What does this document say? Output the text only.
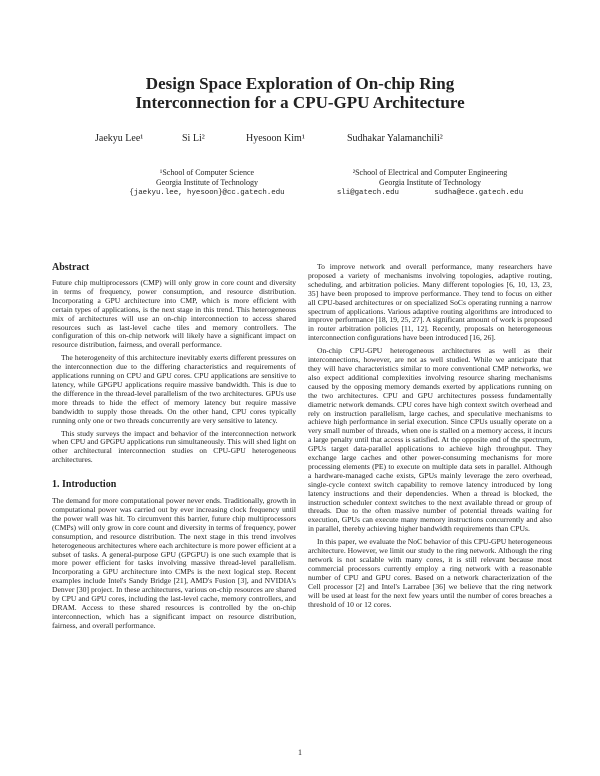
Design Space Exploration of On-chip Ring
Interconnection for a CPU-GPU Architecture
Jaekyu Lee¹	Si Li²	Hyesoon Kim¹	Sudhakar Yalamanchili²
¹School of Computer Science
Georgia Institute of Technology
{jaekyu.lee, hyesoon}@cc.gatech.edu
²School of Electrical and Computer Engineering
Georgia Institute of Technology
sli@gatech.edu        sudha@ece.gatech.edu
Abstract

Future chip multiprocessors (CMP) will only grow in core count and diversity in terms of frequency, power consumption, and resource distribution. Incorporating a GPU architecture into CMP, which is more efficient with certain types of applications, is the next stage in this trend. This heterogeneous mix of architectures will use an on-chip interconnection to access shared resources such as last-level cache tiles and memory controllers. The configuration of this on-chip network will likely have a significant impact on resource distribution, fairness, and overall performance.

The heterogeneity of this architecture inevitably exerts different pressures on the interconnection due to the differing characteristics and requirements of applications running on CPU and GPU cores. CPU applications are sensitive to latency, while GPGPU applications require massive bandwidth. This is due to the difference in the thread-level parallelism of the two architectures. GPUs use more threads to hide the effect of memory latency but require massive bandwidth to supply those threads. On the other hand, CPU cores typically running only one or two threads concurrently are very sensitive to latency.

This study surveys the impact and behavior of the interconnection network when CPU and GPGPU applications run simultaneously. This will shed light on other architectural interconnection studies on CPU-GPU heterogeneous architectures.

1. Introduction

The demand for more computational power never ends. Traditionally, growth in computational power was carried out by ever increasing clock frequency until the power wall was hit. To circumvent this barrier, future chip multiprocessors (CMPs) will only grow in core count and diversity in terms of frequency, power consumption, and resource distribution. The next stage in this trend involves heterogeneous architectures where each architecture is more power efficient at a subset of tasks. A general-purpose GPU (GPGPU) is one such example that is more power efficient for tasks involving massive thread-level parallelism. Incorporating a GPU architecture into CMPs is the next logical step. Recent examples include Intel's Sandy Bridge [21], AMD's Fusion [3], and NVIDIA's Denver [30] project. In these architectures, various on-chip resources are shared by CPU and GPU cores, including the last-level cache, memory controllers, and DRAM. Access to these shared resources is controlled by the on-chip interconnection, which has a significant impact on resource distribution, fairness, and overall performance.

To improve network and overall performance, many researchers have proposed a variety of mechanisms involving topologies, adaptive routing, scheduling, and arbitration policies. Many different topologies [6, 10, 13, 23, 35] have been proposed to improve performance. They tend to focus on either all CPU-based architectures or on specialized SoCs operating running a narrow spectrum of applications. Various adaptive routing algorithms are introduced to improve performance [18, 19, 25, 27]. A significant amount of work is proposed in router arbitration policies [11, 12]. Recently, proposals on heterogeneous interconnection configurations have been introduced [16, 26].

On-chip CPU-GPU heterogeneous architectures as well as their interconnections, however, are not as well studied. While we anticipate that they will have characteristics similar to more conventional CMP networks, we also expect additional complexities involving resource sharing mechanisms caused by the opposing memory demands exerted by applications running on the two architectures. CPU and GPU architectures possess fundamentally diametric network demands. CPU cores have high context switch overhead and rely on instruction parallelism, large caches, and speculative mechanisms to achieve high performance in serial execution. Since CPUs usually operate on a very small number of threads, when one is stalled on a memory access, it incurs a large penalty until that access is satisfied. At the opposite end of the spectrum, GPUs target data-parallel applications to achieve high throughput. They exchange large caches and other power-consuming mechanisms for more processing elements (PE) to execute on multiple data sets in parallel. Although a hardware-managed cache exists, GPUs mainly leverage the zero overhead, single-cycle context switch capability to remove latency introduced by long latency instructions and their dependencies. When a thread is blocked, the instruction scheduler context switches to the next available thread or group of threads. Due to the often massive number of potential threads waiting for execution, GPUs can execute many memory instructions concurrently and also in parallel, thereby achieving higher bandwidth requirements than CPUs.

In this paper, we evaluate the NoC behavior of this CPU-GPU heterogeneous architecture. However, we limit our study to the ring network. Although the ring network is not scalable with many cores, it is still relevant because most commercial processors currently employ a ring network with a reasonable number of CPU and GPU cores. Based on a network characterization of the Cell processor [2] and Intel's Larrabee [36] we believe that the ring network will be used at least for the next few years until the number of cores breaches a threshold of 10 or 12 cores.

1
